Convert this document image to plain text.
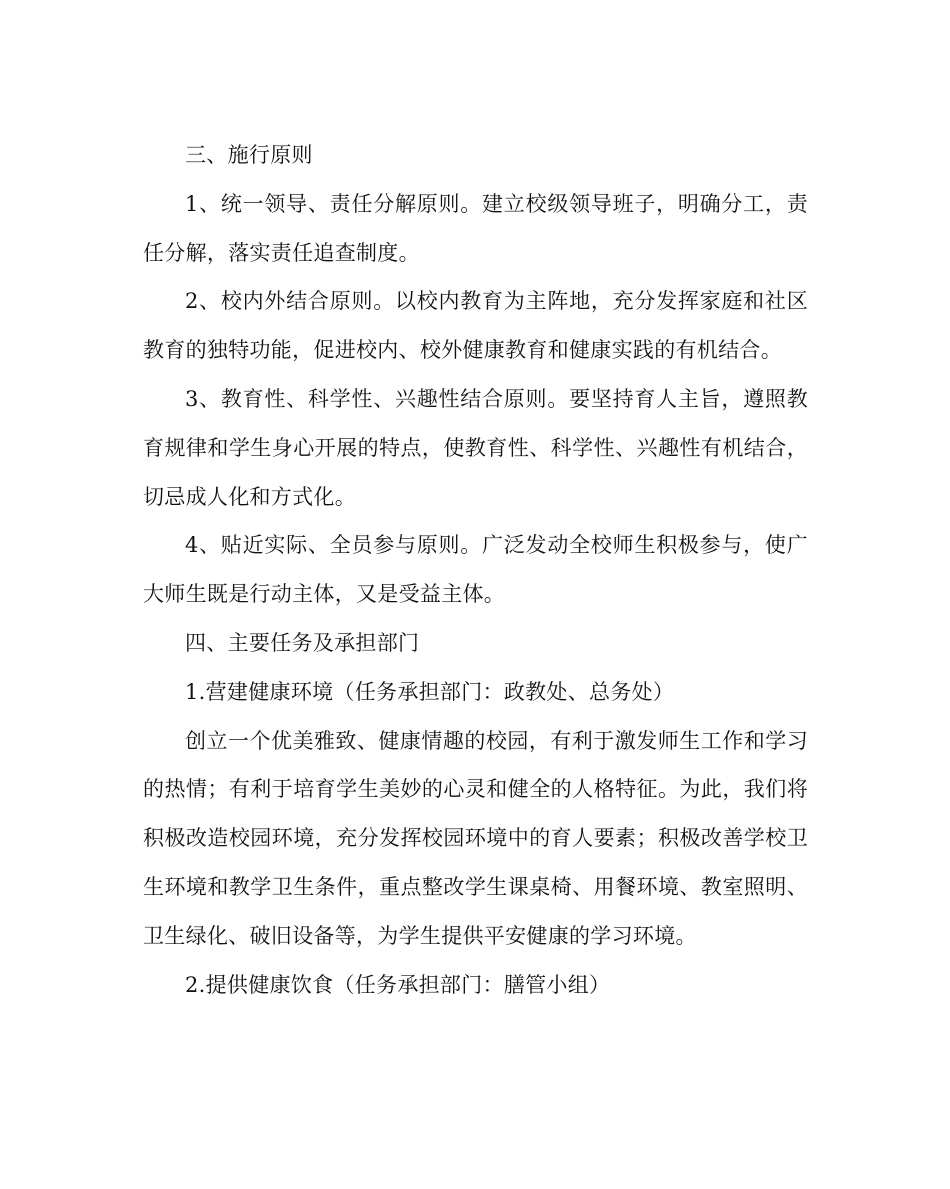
三、施行原则

1、统一领导、责任分解原则。建立校级领导班子，明确分工，责任分解，落实责任追查制度。

2、校内外结合原则。以校内教育为主阵地，充分发挥家庭和社区教育的独特功能，促进校内、校外健康教育和健康实践的有机结合。

3、教育性、科学性、兴趣性结合原则。要坚持育人主旨，遵照教育规律和学生身心开展的特点，使教育性、科学性、兴趣性有机结合，切忌成人化和方式化。

4、贴近实际、全员参与原则。广泛发动全校师生积极参与，使广大师生既是行动主体，又是受益主体。

四、主要任务及承担部门

1.营建健康环境（任务承担部门：政教处、总务处）

创立一个优美雅致、健康情趣的校园，有利于激发师生工作和学习的热情；有利于培育学生美妙的心灵和健全的人格特征。为此，我们将积极改造校园环境，充分发挥校园环境中的育人要素；积极改善学校卫生环境和教学卫生条件，重点整改学生课桌椅、用餐环境、教室照明、卫生绿化、破旧设备等，为学生提供平安健康的学习环境。

2.提供健康饮食（任务承担部门：膳管小组）
